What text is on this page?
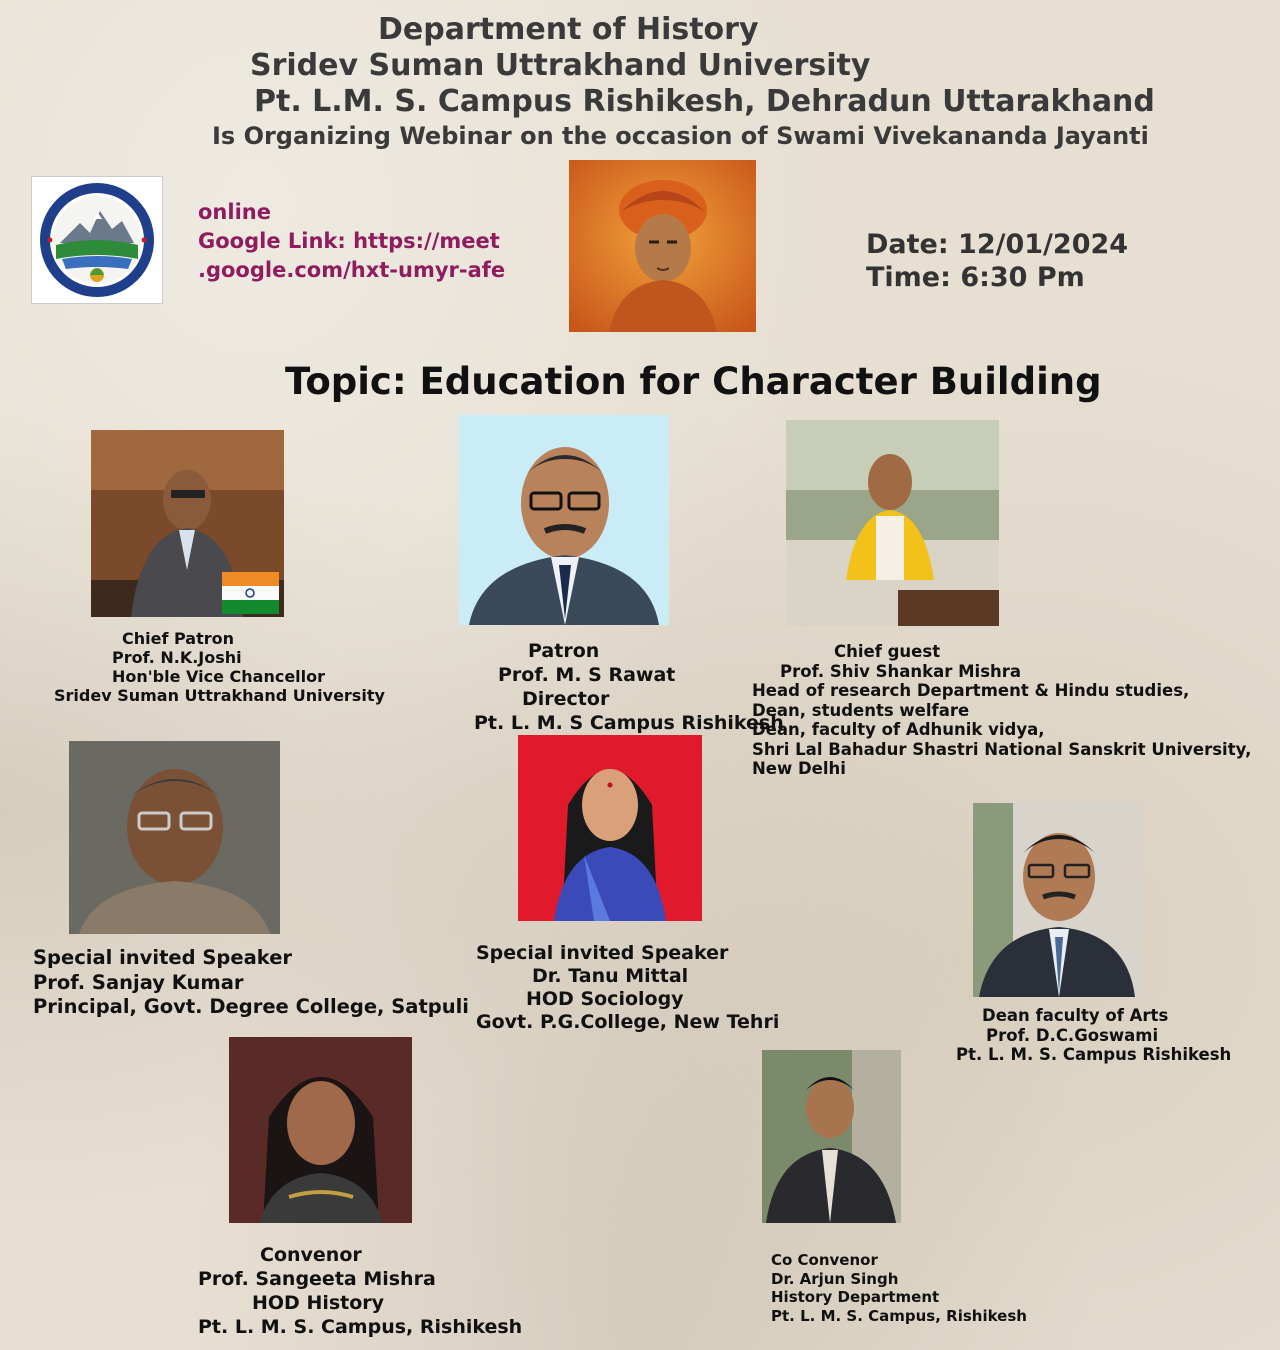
Department of History
Sridev Suman Uttrakhand University
Pt. L.M. S. Campus Rishikesh, Dehradun Uttarakhand
Is Organizing Webinar on the occasion of Swami Vivekananda Jayanti
online
Google Link: https://meet
.google.com/hxt-umyr-afe
Date: 12/01/2024
Time: 6:30 Pm
Topic: Education for Character Building
Chief Patron
Prof. N.K.Joshi
Hon'ble Vice Chancellor
Sridev Suman Uttrakhand University
Patron
Prof. M. S Rawat
Director
Pt. L. M. S Campus Rishikesh
Chief guest
Prof. Shiv Shankar Mishra
Head of research Department & Hindu studies,
Dean, students welfare
Dean, faculty of Adhunik vidya,
Shri Lal Bahadur Shastri National Sanskrit University,
New Delhi
Special invited Speaker
Prof. Sanjay Kumar
Principal, Govt. Degree College, Satpuli
Special invited Speaker
Dr. Tanu Mittal
HOD Sociology
Govt. P.G.College, New Tehri	Dean faculty of Arts
Prof. D.C.Goswami
Pt. L. M. S. Campus Rishikesh
Convenor
Prof. Sangeeta Mishra
HOD History
Pt. L. M. S. Campus, Rishikesh
Co Convenor
Dr. Arjun Singh
History Department
Pt. L. M. S. Campus, Rishikesh
